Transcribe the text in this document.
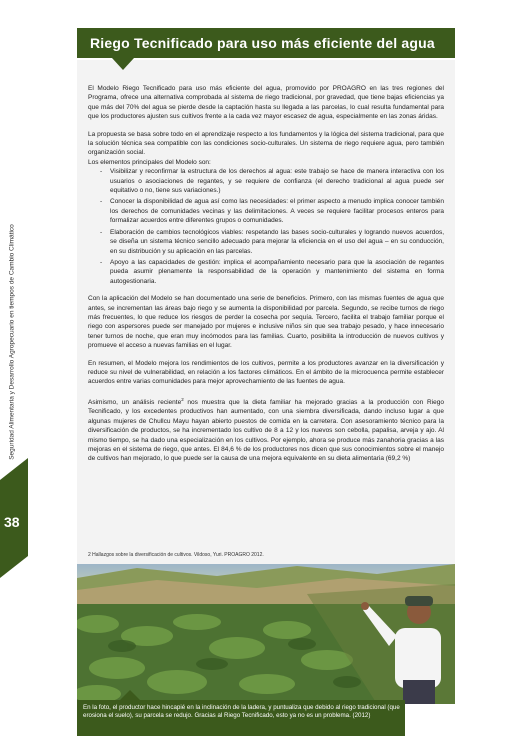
Seguridad Alimentaria y Desarrollo Agropecuario en tiempos de Cambio Climático
38
Riego Tecnificado para uso más eficiente del agua

El Modelo Riego Tecnificado para uso más eficiente del agua, promovido por PROAGRO en las tres regiones del Programa, ofrece una alternativa comprobada al sistema de riego tradicional, por gravedad, que tiene bajas eficiencias ya que más del 70% del agua se pierde desde la captación hasta su llegada a las parcelas, lo cual resulta fundamental para que los productores ajusten sus cultivos frente a la cada vez mayor escasez de agua, especialmente en las zonas áridas.

La propuesta se basa sobre todo en el aprendizaje respecto a los fundamentos y la lógica del sistema tradicional, para que la solución técnica sea compatible con las condiciones socio-culturales. Un sistema de riego requiere agua, pero también organización social.

Los elementos principales del Modelo son:
- Visibilizar y reconfirmar la estructura de los derechos al agua: este trabajo se hace de manera interactiva con los usuarios o asociaciones de regantes, y se requiere de confianza (el derecho tradicional al agua puede ser equitativo o no, tiene sus variaciones.)
- Conocer la disponibilidad de agua así como las necesidades: el primer aspecto a menudo implica conocer también los derechos de comunidades vecinas y las delimitaciones. A veces se requiere facilitar procesos enteros para formalizar acuerdos entre diferentes grupos o comunidades.
- Elaboración de cambios tecnológicos viables: respetando las bases socio-culturales y logrando nuevos acuerdos, se diseña un sistema técnico sencillo adecuado para mejorar la eficiencia en el uso del agua – en su conducción, en su distribución y su aplicación en las parcelas.
- Apoyo a las capacidades de gestión: implica el acompañamiento necesario para que la asociación de regantes pueda asumir plenamente la responsabilidad de la operación y mantenimiento del sistema en forma autogestionaria.

Con la aplicación del Modelo se han documentado una serie de beneficios. Primero, con las mismas fuentes de agua que antes, se incrementan las áreas bajo riego y se aumenta la disponibilidad por parcela. Segundo, se recibe turnos de riego más frecuentes, lo que reduce los riesgos de perder la cosecha por sequía. Tercero, facilita el trabajo familiar porque el riego con aspersores puede ser manejado por mujeres e inclusive niños sin que sea trabajo pesado, y hace innecesario tener turnos de noche, que eran muy incómodos para las familias. Cuarto, posibilita la introducción de nuevos cultivos y promueve el acceso a nuevas familias en el lugar.

En resumen, el Modelo mejora los rendimientos de los cultivos, permite a los productores avanzar en la diversificación y reduce su nivel de vulnerabilidad, en relación a los factores climáticos. En el ámbito de la microcuenca permite establecer acuerdos entre varias comunidades para mejor aprovechamiento de las fuentes de agua.

Asimismo, un análisis reciente$^2$ nos muestra que la dieta familiar ha mejorado gracias a la producción con Riego Tecnificado, y los excedentes productivos han aumentado, con una siembra diversificada, dando incluso lugar a que algunas mujeres de Chullcu Mayu hayan abierto puestos de comida en la carretera. Con asesoramiento técnico para la diversificación de productos, se ha incrementado los cultivo de 8 a 12 y los nuevos son cebolla, papalisa, arveja y ajo. Al mismo tiempo, se ha dado una especialización en los cultivos. Por ejemplo, ahora se produce más zanahoria gracias a las mejoras en el sistema de riego, que antes. El 84,6 % de los productores nos dicen que sus conocimientos sobre el manejo de cultivos han mejorado, lo que puede ser la causa de una mejora equivalente en su dieta alimentaria (69,2 %)

2 Hallazgos sobre la diversificación de cultivos. Vildoso, Yuri. PROAGRO 2012.
En la foto, el productor hace hincapié en la inclinación de la ladera, y puntualiza que debido al riego tradicional (que erosiona el suelo), su parcela se redujo. Gracias al Riego Tecnificado, esto ya no es un problema. (2012)
